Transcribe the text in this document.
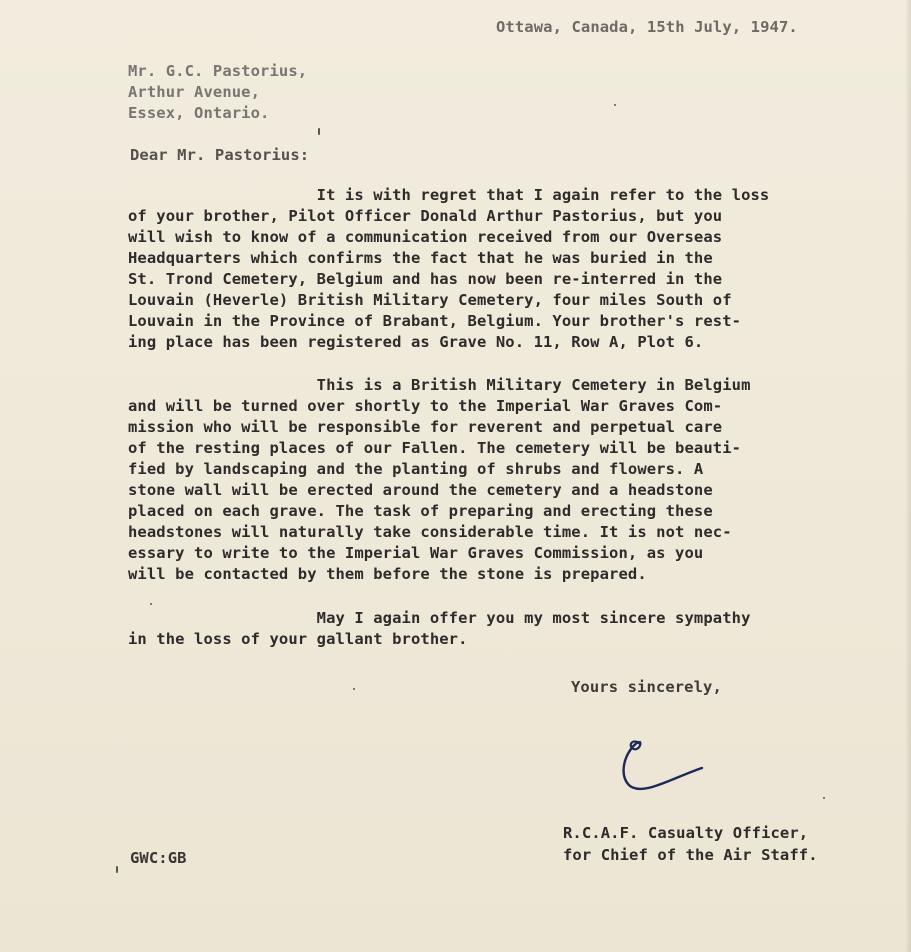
Ottawa, Canada, 15th July, 1947.
Mr. G.C. Pastorius,
Arthur Avenue,
Essex, Ontario.
Dear Mr. Pastorius:
It is with regret that I again refer to the loss
of your brother, Pilot Officer Donald Arthur Pastorius, but you
will wish to know of a communication received from our Overseas
Headquarters which confirms the fact that he was buried in the
St. Trond Cemetery, Belgium and has now been re-interred in the
Louvain (Heverle) British Military Cemetery, four miles South of
Louvain in the Province of Brabant, Belgium. Your brother's rest-
ing place has been registered as Grave No. 11, Row A, Plot 6.
This is a British Military Cemetery in Belgium
and will be turned over shortly to the Imperial War Graves Com-
mission who will be responsible for reverent and perpetual care
of the resting places of our Fallen. The cemetery will be beauti-
fied by landscaping and the planting of shrubs and flowers. A
stone wall will be erected around the cemetery and a headstone
placed on each grave. The task of preparing and erecting these
headstones will naturally take considerable time. It is not nec-
essary to write to the Imperial War Graves Commission, as you
will be contacted by them before the stone is prepared.
May I again offer you my most sincere sympathy
in the loss of your gallant brother.
Yours sincerely,
R.C.A.F. Casualty Officer,
for Chief of the Air Staff.
GWC:GB
